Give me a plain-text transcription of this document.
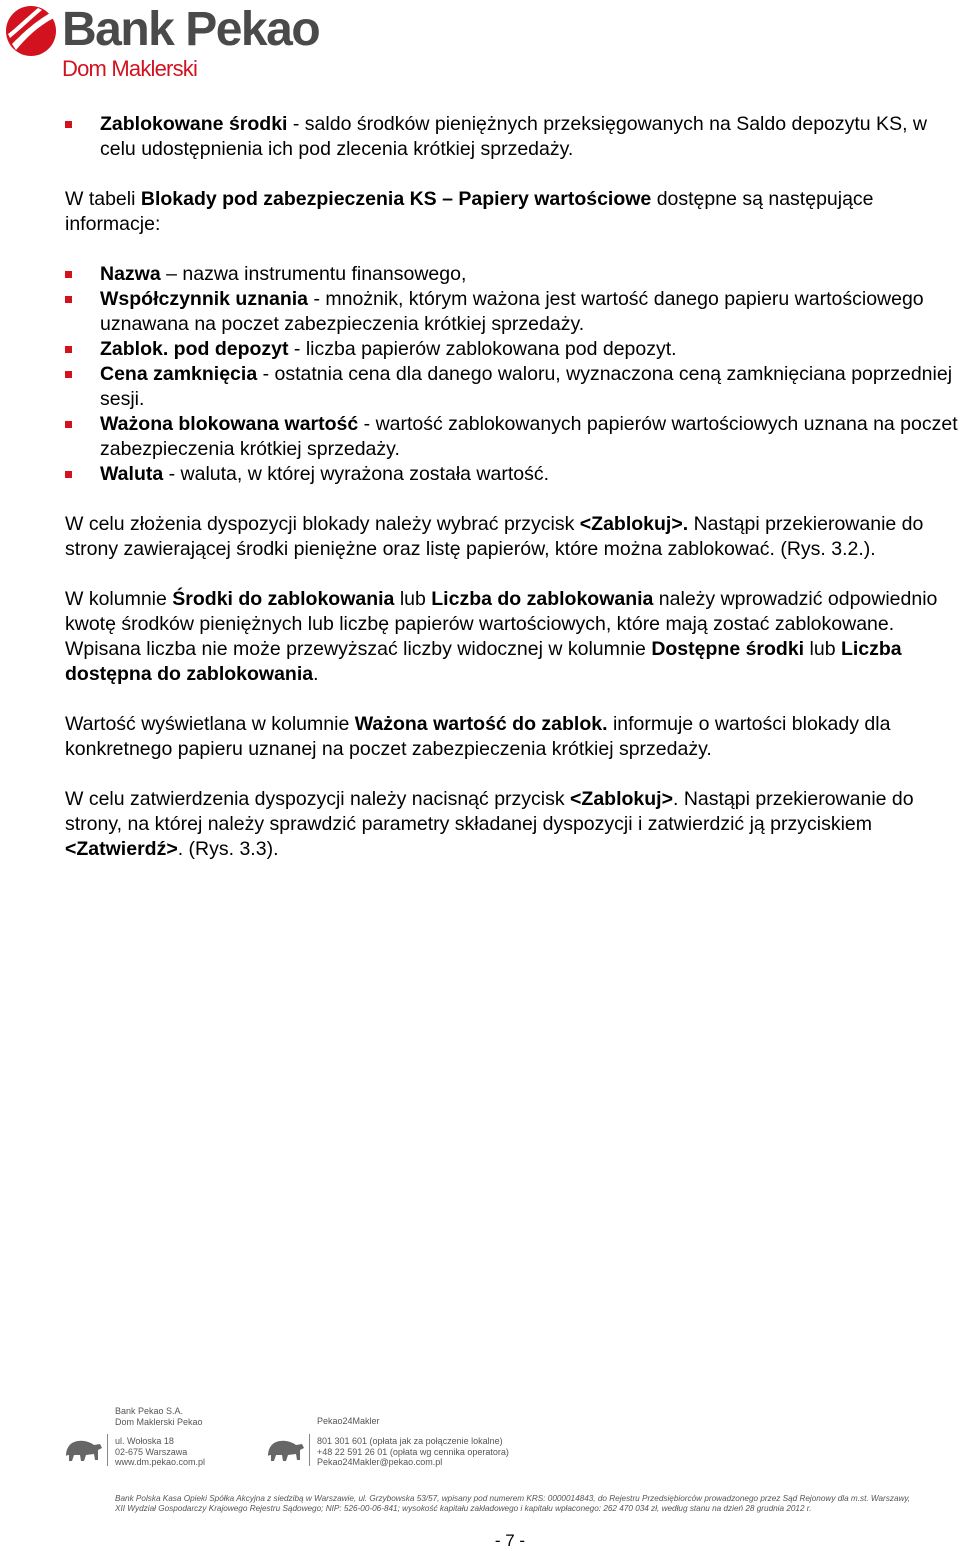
Bank Pekao
Dom Maklerski
Zablokowane środki - saldo środków pieniężnych przeksięgowanych na Saldo depozytu KS, w celu udostępnienia ich pod zlecenia krótkiej sprzedaży.

W tabeli Blokady pod zabezpieczenia KS – Papiery wartościowe dostępne są następujące informacje:

Nazwa – nazwa instrumentu finansowego,
Współczynnik uznania - mnożnik, którym ważona jest wartość danego papieru wartościowego uznawana na poczet zabezpieczenia krótkiej sprzedaży.
Zablok. pod depozyt - liczba papierów zablokowana pod depozyt.
Cena zamknięcia - ostatnia cena dla danego waloru, wyznaczona ceną zamknięciana poprzedniej sesji.
Ważona blokowana wartość - wartość zablokowanych papierów wartościowych uznana na poczet zabezpieczenia krótkiej sprzedaży.
Waluta - waluta, w której wyrażona została wartość.

W celu złożenia dyspozycji blokady należy wybrać przycisk <Zablokuj>. Nastąpi przekierowanie do strony zawierającej środki pieniężne oraz listę papierów, które można zablokować. (Rys. 3.2.).

W kolumnie Środki do zablokowania lub Liczba do zablokowania należy wprowadzić odpowiednio kwotę środków pieniężnych lub liczbę papierów wartościowych, które mają zostać zablokowane. Wpisana liczba nie może przewyższać liczby widocznej w kolumnie Dostępne środki lub Liczba dostępna do zablokowania.

Wartość wyświetlana w kolumnie Ważona wartość do zablok. informuje o wartości blokady dla konkretnego papieru uznanej na poczet zabezpieczenia krótkiej sprzedaży.

W celu zatwierdzenia dyspozycji należy nacisnąć przycisk <Zablokuj>. Nastąpi przekierowanie do strony, na której należy sprawdzić parametry składanej dyspozycji i zatwierdzić ją przyciskiem <Zatwierdź>. (Rys. 3.3).

Bank Pekao S.A.
Dom Maklerski Pekao
ul. Wołoska 18
02-675 Warszawa
www.dm.pekao.com.pl
Pekao24Makler
801 301 601 (opłata jak za połączenie lokalne)
+48 22 591 26 01 (opłata wg cennika operatora)
Pekao24Makler@pekao.com.pl
Bank Polska Kasa Opieki Spółka Akcyjna z siedzibą w Warszawie, ul. Grzybowska 53/57, wpisany pod numerem KRS: 0000014843, do Rejestru Przedsiębiorców prowadzonego przez Sąd Rejonowy dla m.st. Warszawy,
XII Wydział Gospodarczy Krajowego Rejestru Sądowego; NIP: 526-00-06-841; wysokość kapitału zakładowego i kapitału wpłaconego: 262 470 034 zł, według stanu na dzień 28 grudnia 2012 r.
- 7 -
